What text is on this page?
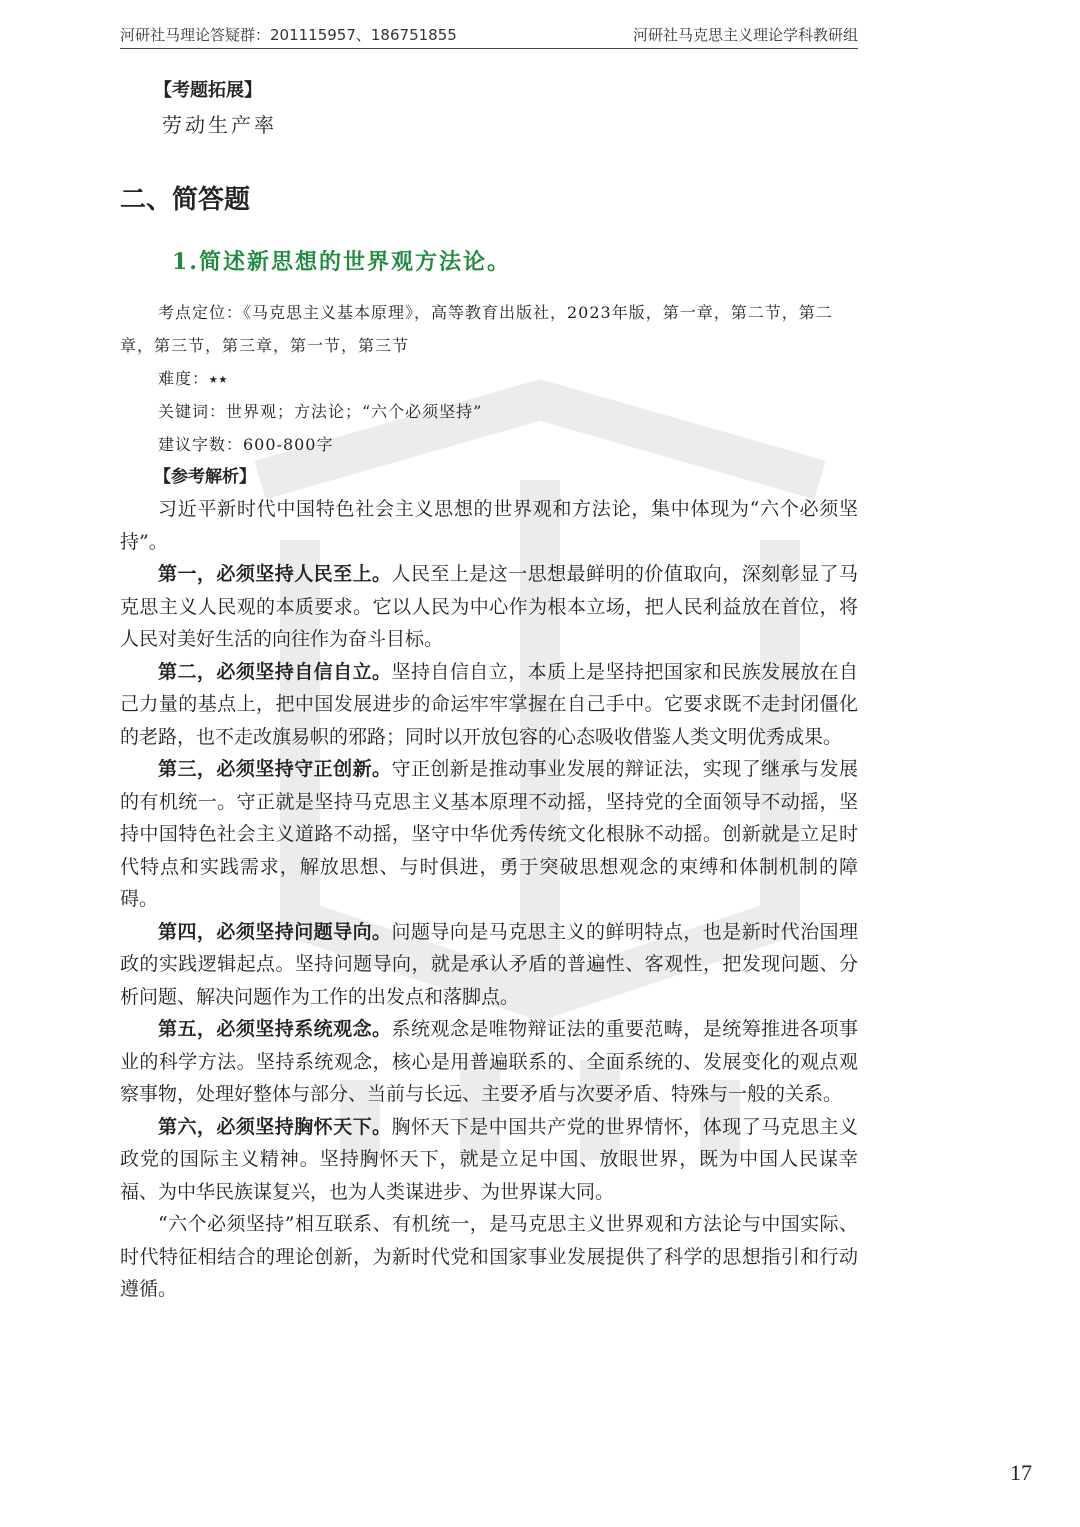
河研社马理论答疑群：201115957、186751855	河研社马克思主义理论学科教研组
【考题拓展】
劳动生产率
二、简答题
1.简述新思想的世界观方法论。
考点定位：《马克思主义基本原理》，高等教育出版社，2023年版，第一章，第二节，第二章，第三节，第三章，第一节，第三节
难度：⭑⭑
关键词：世界观；方法论；“六个必须坚持”
建议字数：600-800字
【参考解析】

习近平新时代中国特色社会主义思想的世界观和方法论，集中体现为“六个必须坚持”。

第一，必须坚持人民至上。人民至上是这一思想最鲜明的价值取向，深刻彰显了马克思主义人民观的本质要求。它以人民为中心作为根本立场，把人民利益放在首位，将人民对美好生活的向往作为奋斗目标。

第二，必须坚持自信自立。坚持自信自立，本质上是坚持把国家和民族发展放在自己力量的基点上，把中国发展进步的命运牢牢掌握在自己手中。它要求既不走封闭僵化的老路，也不走改旗易帜的邪路；同时以开放包容的心态吸收借鉴人类文明优秀成果。

第三，必须坚持守正创新。守正创新是推动事业发展的辩证法，实现了继承与发展的有机统一。守正就是坚持马克思主义基本原理不动摇，坚持党的全面领导不动摇，坚持中国特色社会主义道路不动摇，坚守中华优秀传统文化根脉不动摇。创新就是立足时代特点和实践需求，解放思想、与时俱进，勇于突破思想观念的束缚和体制机制的障碍。

第四，必须坚持问题导向。问题导向是马克思主义的鲜明特点，也是新时代治国理政的实践逻辑起点。坚持问题导向，就是承认矛盾的普遍性、客观性，把发现问题、分析问题、解决问题作为工作的出发点和落脚点。

第五，必须坚持系统观念。系统观念是唯物辩证法的重要范畴，是统筹推进各项事业的科学方法。坚持系统观念，核心是用普遍联系的、全面系统的、发展变化的观点观察事物，处理好整体与部分、当前与长远、主要矛盾与次要矛盾、特殊与一般的关系。

第六，必须坚持胸怀天下。胸怀天下是中国共产党的世界情怀，体现了马克思主义政党的国际主义精神。坚持胸怀天下，就是立足中国、放眼世界，既为中国人民谋幸福、为中华民族谋复兴，也为人类谋进步、为世界谋大同。

“六个必须坚持”相互联系、有机统一，是马克思主义世界观和方法论与中国实际、时代特征相结合的理论创新，为新时代党和国家事业发展提供了科学的思想指引和行动遵循。

17
